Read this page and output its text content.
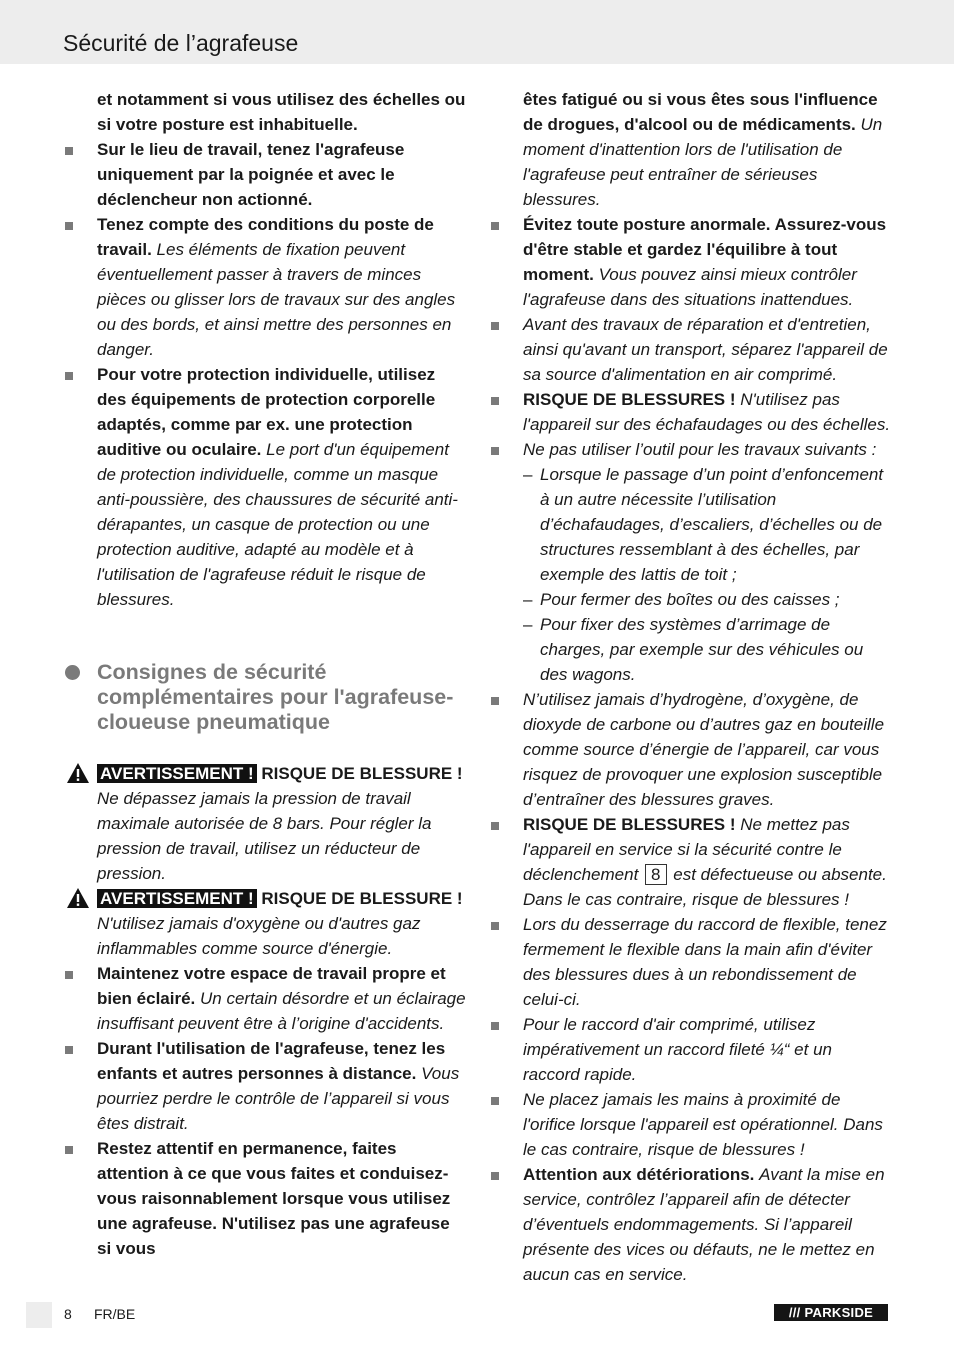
Sécurité de l’agrafeuse
et notamment si vous utilisez des échelles ou si votre posture est inhabituelle.
Sur le lieu de travail, tenez l'agrafeuse uniquement par la poignée et avec le déclencheur non actionné.
Tenez compte des conditions du poste de travail. Les éléments de fixation peuvent éventuellement passer à travers de minces pièces ou glisser lors de travaux sur des angles ou des bords, et ainsi mettre des personnes en danger.
Pour votre protection individuelle, utilisez des équipements de protection corporelle adaptés, comme par ex. une protection auditive ou oculaire. Le port d'un équipement de protection individuelle, comme un masque anti-poussière, des chaussures de sécurité anti-dérapantes, un casque de protection ou une protection auditive, adapté au modèle et à l'utilisation de l'agrafeuse réduit le risque de blessures.
Consignes de sécurité complémentaires pour l'agrafeuse-cloueuse pneumatique
AVERTISSEMENT ! RISQUE DE BLESSURE ! Ne dépassez jamais la pression de travail maximale autorisée de 8 bars. Pour régler la pression de travail, utilisez un réducteur de pression.
AVERTISSEMENT ! RISQUE DE BLESSURE ! N'utilisez jamais d'oxygène ou d'autres gaz inflammables comme source d'énergie.
Maintenez votre espace de travail propre et bien éclairé. Un certain désordre et un éclairage insuffisant peuvent être à l’origine d'accidents.
Durant l'utilisation de l'agrafeuse, tenez les enfants et autres personnes à distance. Vous pourriez perdre le contrôle de l’appareil si vous êtes distrait.
Restez attentif en permanence, faites attention à ce que vous faites et conduisez-vous raisonnablement lorsque vous utilisez une agrafeuse. N'utilisez pas une agrafeuse si vous
êtes fatigué ou si vous êtes sous l'influence de drogues, d'alcool ou de médicaments. Un moment d'inattention lors de l'utilisation de l'agrafeuse peut entraîner de sérieuses blessures.
Évitez toute posture anormale. Assurez-vous d'être stable et gardez l'équilibre à tout moment. Vous pouvez ainsi mieux contrôler l'agrafeuse dans des situations inattendues.
Avant des travaux de réparation et d'entretien, ainsi qu'avant un transport, séparez l'appareil de sa source d'alimentation en air comprimé.
RISQUE DE BLESSURES ! N'utilisez pas l'appareil sur des échafaudages ou des échelles.
Ne pas utiliser l’outil pour les travaux suivants :
– Lorsque le passage d’un point d’enfoncement à un autre nécessite l’utilisation d’échafaudages, d’escaliers, d’échelles ou de structures ressemblant à des échelles, par exemple des lattis de toit ;
– Pour fermer des boîtes ou des caisses ;
– Pour fixer des systèmes d’arrimage de charges, par exemple sur des véhicules ou des wagons.
N’utilisez jamais d’hydrogène, d’oxygène, de dioxyde de carbone ou d’autres gaz en bouteille comme source d’énergie de l’appareil, car vous risquez de provoquer une explosion susceptible d’entraîner des blessures graves.
RISQUE DE BLESSURES ! Ne mettez pas l'appareil en service si la sécurité contre le déclenchement 8 est défectueuse ou absente. Dans le cas contraire, risque de blessures !
Lors du desserrage du raccord de flexible, tenez fermement le flexible dans la main afin d'éviter des blessures dues à un rebondissement de celui-ci.
Pour le raccord d'air comprimé, utilisez impérativement un raccord fileté ¼“ et un raccord rapide.
Ne placez jamais les mains à proximité de l'orifice lorsque l'appareil est opérationnel. Dans le cas contraire, risque de blessures !
Attention aux détériorations. Avant la mise en service, contrôlez l’appareil afin de détecter d’éventuels endommagements. Si l’appareil présente des vices ou défauts, ne le mettez en aucun cas en service.
8 FR/BE	/// PARKSIDE
